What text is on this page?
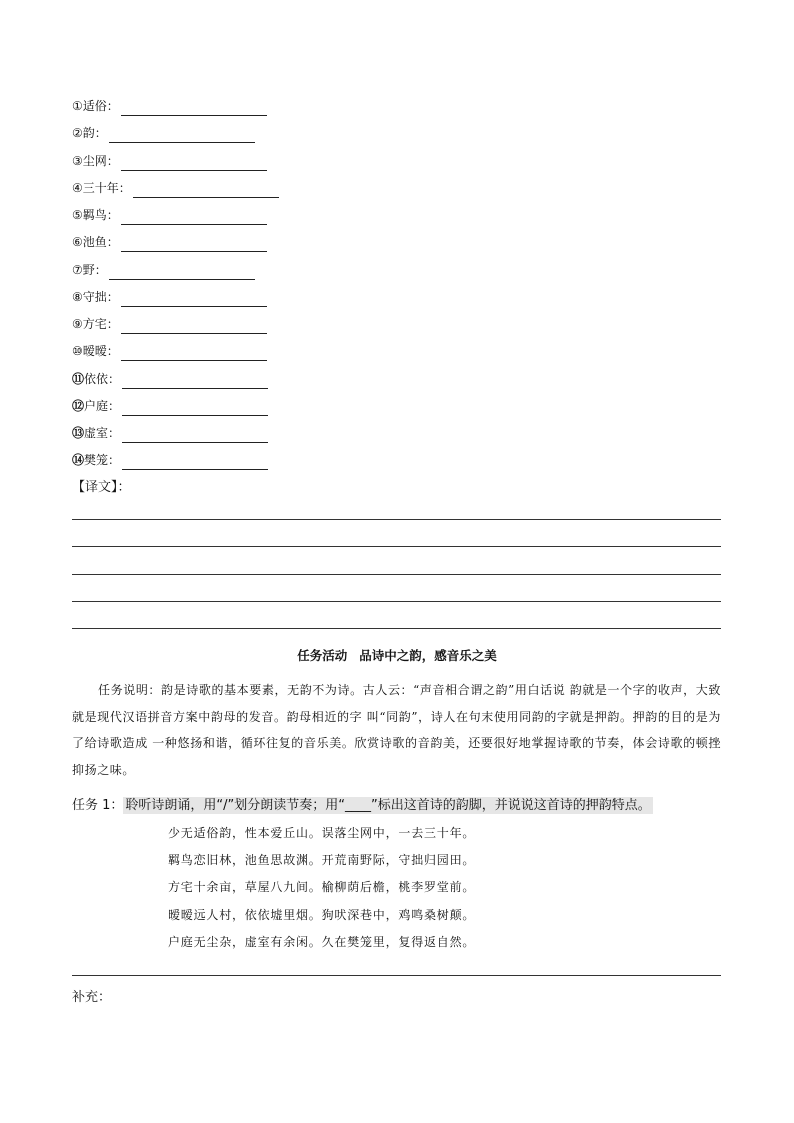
①适俗：
②韵：
③尘网：
④三十年：
⑤羁鸟：
⑥池鱼：
⑦野：
⑧守拙：
⑨方宅：
⑩暧暧：
⑪依依：
⑫户庭：
⑬虚室：
⑭樊笼：
【译文】：
任务活动 品诗中之韵，感音乐之美
任务说明：韵是诗歌的基本要素，无韵不为诗。古人云：“声音相合谓之韵”用白话说 韵就是一个字的收声，大致就是现代汉语拼音方案中韵母的发音。韵母相近的字 叫“同韵”，诗人在句末使用同韵的字就是押韵。押韵的目的是为了给诗歌造成 一种悠扬和谐，循环往复的音乐美。欣赏诗歌的音韵美，还要很好地掌握诗歌的节奏，体会诗歌的顿挫抑扬之味。
任务 1： 聆听诗朗诵，用“/”划分朗读节奏；用“____”标出这首诗的韵脚，并说说这首诗的押韵特点。
少无适俗韵，性本爱丘山。误落尘网中，一去三十年。
羁鸟恋旧林，池鱼思故渊。开荒南野际，守拙归园田。
方宅十余亩，草屋八九间。榆柳荫后檐，桃李罗堂前。
暧暧远人村，依依墟里烟。狗吠深巷中，鸡鸣桑树颠。
户庭无尘杂，虚室有余闲。久在樊笼里，复得返自然。
补充：
